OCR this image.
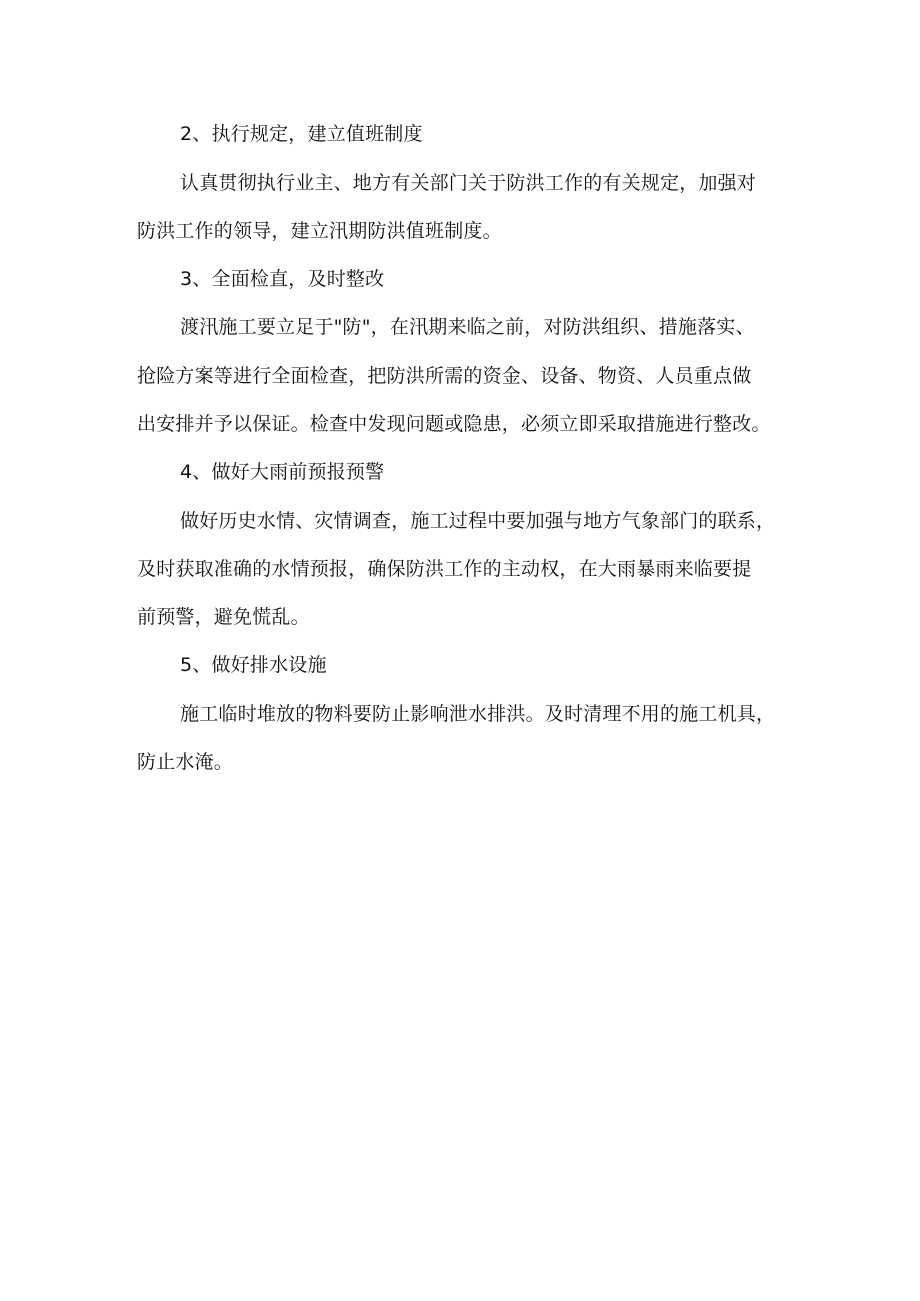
2、执行规定，建立值班制度
认真贯彻执行业主、地方有关部门关于防洪工作的有关规定，加强对
防洪工作的领导，建立汛期防洪值班制度。
3、全面检直，及时整改
渡汛施工要立足于"防"，在汛期来临之前，对防洪组织、措施落实、
抢险方案等进行全面检查，把防洪所需的资金、设备、物资、人员重点做
出安排并予以保证。检查中发现问题或隐患，必须立即采取措施进行整改。
4、做好大雨前预报预警
做好历史水情、灾情调查，施工过程中要加强与地方气象部门的联系，
及时获取准确的水情预报，确保防洪工作的主动权，在大雨暴雨来临要提
前预警，避免慌乱。
5、做好排水设施
施工临时堆放的物料要防止影响泄水排洪。及时清理不用的施工机具，
防止水淹。
